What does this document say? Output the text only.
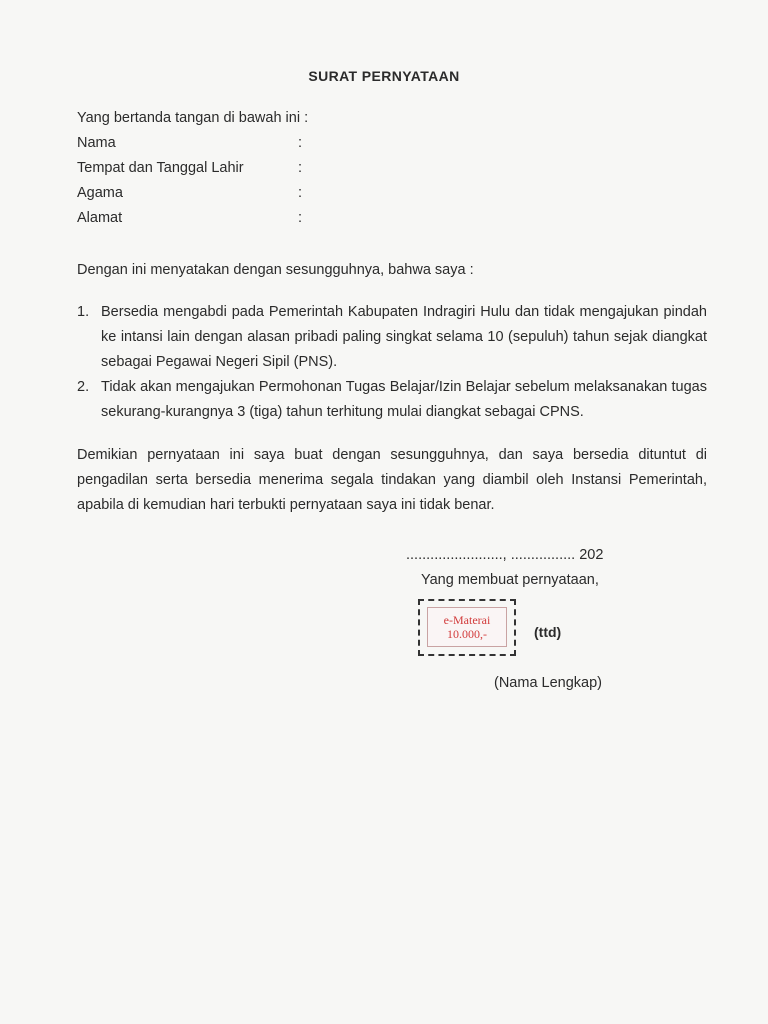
SURAT PERNYATAAN
Yang bertanda tangan di bawah ini :
Nama	:
Tempat dan Tanggal Lahir	:
Agama	:
Alamat	:
Dengan ini menyatakan dengan sesungguhnya, bahwa saya :
1. Bersedia mengabdi pada Pemerintah Kabupaten Indragiri Hulu dan tidak mengajukan pindah ke intansi lain dengan alasan pribadi paling singkat selama 10 (sepuluh) tahun sejak diangkat sebagai Pegawai Negeri Sipil (PNS).
2. Tidak akan mengajukan Permohonan Tugas Belajar/Izin Belajar sebelum melaksanakan tugas sekurang-kurangnya 3 (tiga) tahun terhitung mulai diangkat sebagai CPNS.
Demikian pernyataan ini saya buat dengan sesungguhnya, dan saya bersedia dituntut di pengadilan serta bersedia menerima segala tindakan yang diambil oleh Instansi Pemerintah, apabila di kemudian hari terbukti pernyataan saya ini tidak benar.
........................, ................ 202
Yang membuat pernyataan,
e-Materai
10.000,-	(ttd)
(Nama Lengkap)
